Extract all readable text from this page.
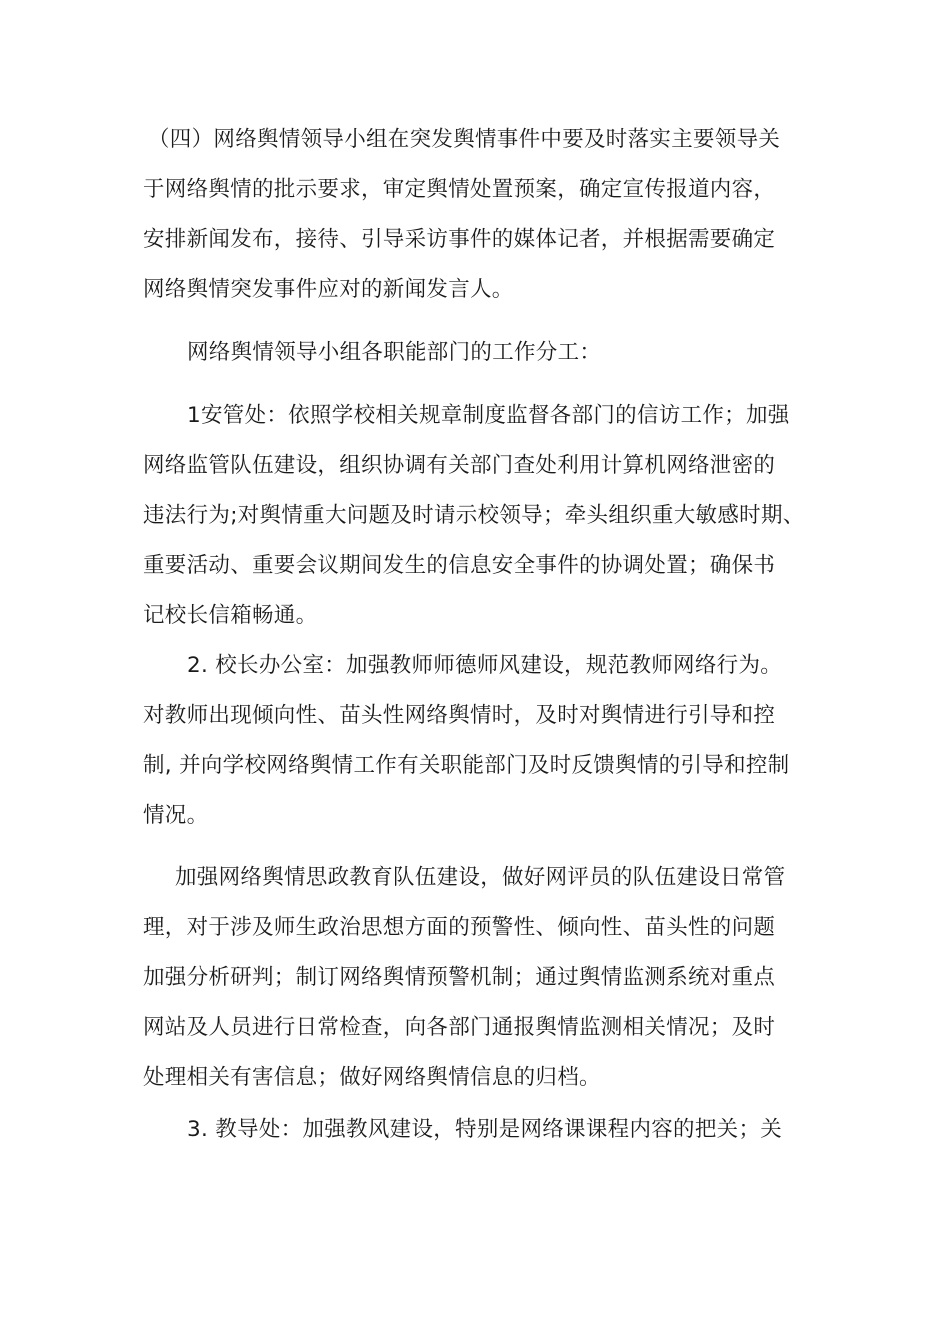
（四）网络舆情领导小组在突发舆情事件中要及时落实主要领导关
于网络舆情的批示要求，审定舆情处置预案，确定宣传报道内容，
安排新闻发布，接待、引导采访事件的媒体记者，并根据需要确定
网络舆情突发事件应对的新闻发言人。
网络舆情领导小组各职能部门的工作分工：
1安管处：依照学校相关规章制度监督各部门的信访工作；加强
网络监管队伍建设，组织协调有关部门查处利用计算机网络泄密的
违法行为;对舆情重大问题及时请示校领导；牵头组织重大敏感时期、
重要活动、重要会议期间发生的信息安全事件的协调处置；确保书
记校长信箱畅通。
2. 校长办公室：加强教师师德师风建设，规范教师网络行为。
对教师出现倾向性、苗头性网络舆情时，及时对舆情进行引导和控
制, 并向学校网络舆情工作有关职能部门及时反馈舆情的引导和控制
情况。
加强网络舆情思政教育队伍建设，做好网评员的队伍建设日常管
理，对于涉及师生政治思想方面的预警性、倾向性、苗头性的问题
加强分析研判；制订网络舆情预警机制；通过舆情监测系统对重点
网站及人员进行日常检查，向各部门通报舆情监测相关情况；及时
处理相关有害信息；做好网络舆情信息的归档。
3. 教导处：加强教风建设，特别是网络课课程内容的把关；关
